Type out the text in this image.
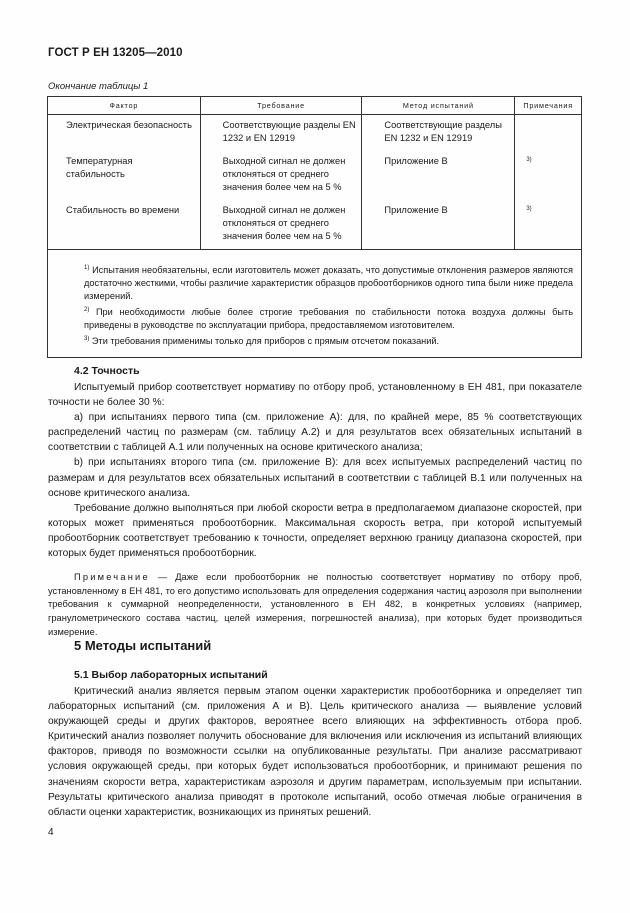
ГОСТ Р ЕН 13205—2010
Окончание таблицы 1
Фактор	Требование	Метод испытаний	Примечания
Электрическая безопасность	Соответствующие разделы EN 1232 и EN 12919	Соответствующие разделы EN 1232 и EN 12919	
Температурная стабильность	Выходной сигнал не должен отклоняться от среднего значения более чем на 5 %	Приложение В	3)
Стабильность во времени	Выходной сигнал не должен отклоняться от среднего значения более чем на 5 %	Приложение В	3)

$^{1)}$ Испытания необязательны, если изготовитель может доказать, что допустимые отклонения размеров являются достаточно жесткими, чтобы различие характеристик образцов пробоотборников одного типа были ниже предела измерений.

$^{2)}$ При необходимости любые более строгие требования по стабильности потока воздуха должны быть приведены в руководстве по эксплуатации прибора, предоставляемом изготовителем.

$^{3)}$ Эти требования применимы только для приборов с прямым отсчетом показаний.			

4.2 Точность

Испытуемый прибор соответствует нормативу по отбору проб, установленному в ЕН 481, при показателе точности не более 30 %:

a) при испытаниях первого типа (см. приложение А): для, по крайней мере, 85 % соответствующих распределений частиц по размерам (см. таблицу А.2) и для результатов всех обязательных испытаний в соответствии с таблицей А.1 или полученных на основе критического анализа;

b) при испытаниях второго типа (см. приложение В): для всех испытуемых распределений частиц по размерам и для результатов всех обязательных испытаний в соответствии с таблицей В.1 или полученных на основе критического анализа.

Требование должно выполняться при любой скорости ветра в предполагаемом диапазоне скоростей, при которых может применяться пробоотборник. Максимальная скорость ветра, при которой испытуемый пробоотборник соответствует требованию к точности, определяет верхнюю границу диапазона скоростей, при которых будет применяться пробоотборник.

Примечание — Даже если пробоотборник не полностью соответствует нормативу по отбору проб, установленному в ЕН 481, то его допустимо использовать для определения содержания частиц аэрозоля при выполнении требования к суммарной неопределенности, установленного в ЕН 482, в конкретных условиях (например, гранулометрического состава частиц, целей измерения, погрешностей анализа), при которых будет производиться измерение.

5 Методы испытаний
5.1 Выбор лабораторных испытаний

Критический анализ является первым этапом оценки характеристик пробоотборника и определяет тип лабораторных испытаний (см. приложения А и В). Цель критического анализа — выявление условий окружающей среды и других факторов, вероятнее всего влияющих на эффективность отбора проб. Критический анализ позволяет получить обоснование для включения или исключения из испытаний влияющих факторов, приводя по возможности ссылки на опубликованные результаты. При анализе рассматривают условия окружающей среды, при которых будет использоваться пробоотборник, и принимают решения по значениям скорости ветра, характеристикам аэрозоля и другим параметрам, используемым при испытании. Результаты критического анализа приводят в протоколе испытаний, особо отмечая любые ограничения в области оценки характеристик, возникающих из принятых решений.

4
